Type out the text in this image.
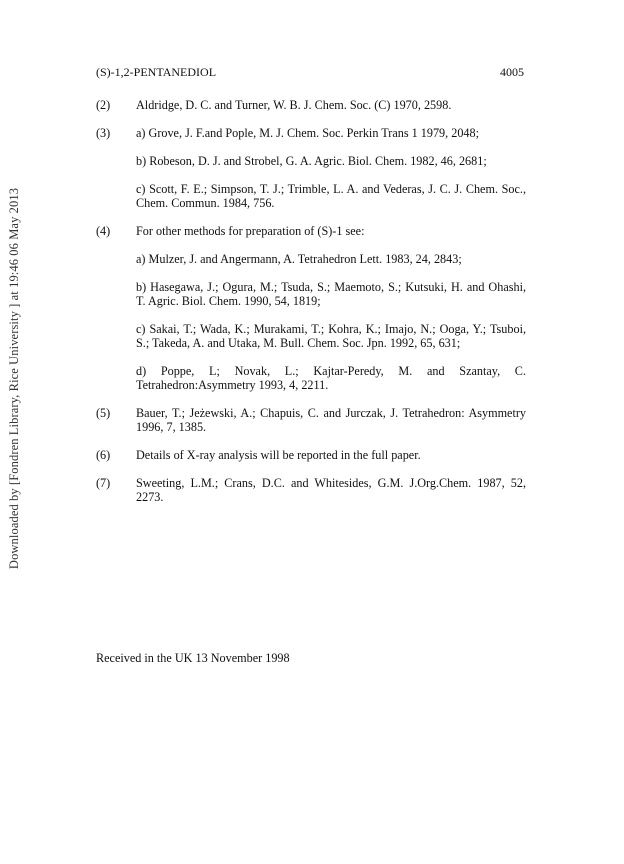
Downloaded by [Fondren Library, Rice University ] at 19:46 06 May 2013
(S)-1,2-PENTANEDIOL	4005
(2)	Aldridge, D. C. and Turner, W. B. J. Chem. Soc. (C) 1970, 2598.

(3)	a) Grove, J. F.and Pople, M. J. Chem. Soc. Perkin Trans 1 1979, 2048;

b) Robeson, D. J. and Strobel, G. A. Agric. Biol. Chem. 1982, 46, 2681;

c) Scott, F. E.; Simpson, T. J.; Trimble, L. A. and Vederas, J. C. J. Chem. Soc., Chem. Commun. 1984, 756.

(4)	For other methods for preparation of (S)-1 see:

a) Mulzer, J. and Angermann, A. Tetrahedron Lett. 1983, 24, 2843;

b) Hasegawa, J.; Ogura, M.; Tsuda, S.; Maemoto, S.; Kutsuki, H. and Ohashi, T. Agric. Biol. Chem. 1990, 54, 1819;

c) Sakai, T.; Wada, K.; Murakami, T.; Kohra, K.; Imajo, N.; Ooga, Y.; Tsuboi, S.; Takeda, A. and Utaka, M. Bull. Chem. Soc. Jpn. 1992, 65, 631;

d) Poppe, L; Novak, L.; Kajtar-Peredy, M. and Szantay, C. Tetrahedron:Asymmetry 1993, 4, 2211.

(5)	Bauer, T.; Jeżewski, A.; Chapuis, C. and Jurczak, J. Tetrahedron: Asymmetry 1996, 7, 1385.

(6)	Details of X-ray analysis will be reported in the full paper.

(7)	Sweeting, L.M.; Crans, D.C. and Whitesides, G.M. J.Org.Chem. 1987, 52, 2273.

Received in the UK 13 November 1998
